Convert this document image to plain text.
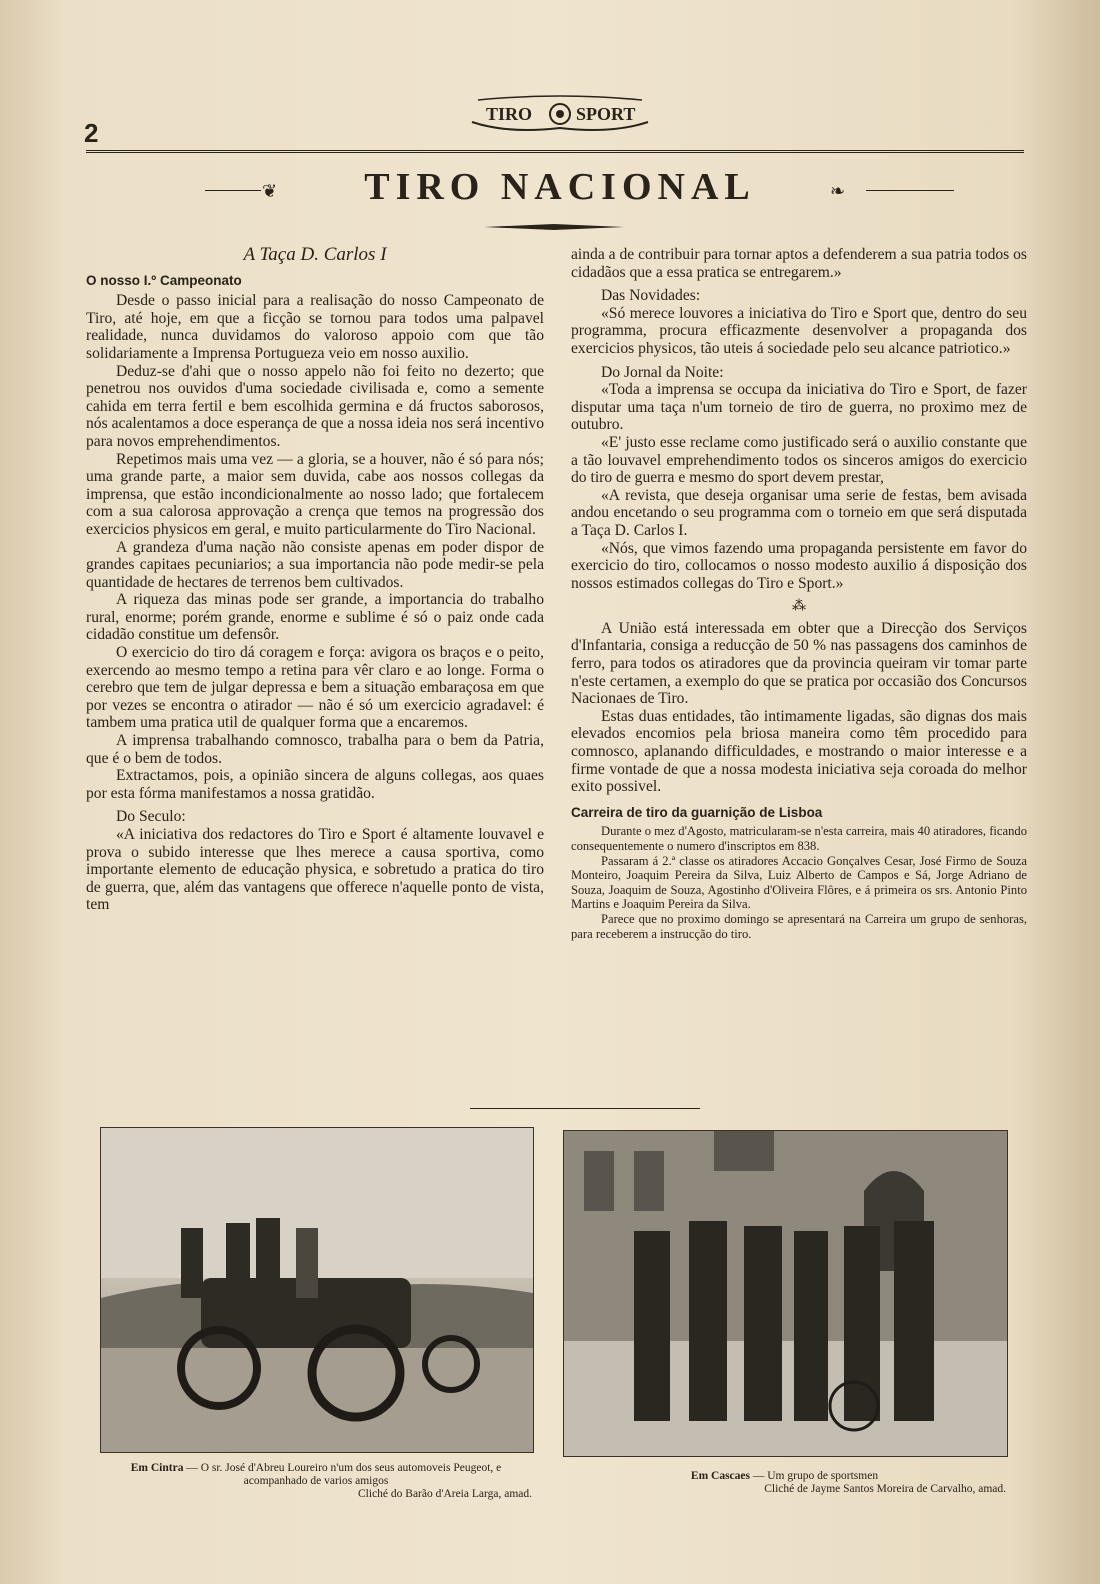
2
TIRO SPORT
❦	TIRO NACIONAL	❧

A Taça D. Carlos I

O nosso I.º Campeonato

Desde o passo inicial para a realisação do nosso Campeonato de Tiro, até hoje, em que a ficção se tornou para todos uma palpavel realidade, nunca duvidamos do valoroso appoio com que tão solidariamente a Imprensa Portugueza veio em nosso auxilio.

Deduz-se d'ahi que o nosso appelo não foi feito no dezerto; que penetrou nos ouvidos d'uma sociedade civilisada e, como a semente cahida em terra fertil e bem escolhida germina e dá fructos saborosos, nós acalentamos a doce esperança de que a nossa ideia nos será incentivo para novos emprehendimentos.

Repetimos mais uma vez — a gloria, se a houver, não é só para nós; uma grande parte, a maior sem duvida, cabe aos nossos collegas da imprensa, que estão incondicionalmente ao nosso lado; que fortalecem com a sua calorosa approvação a crença que temos na progressão dos exercicios physicos em geral, e muito particularmente do Tiro Nacional.

A grandeza d'uma nação não consiste apenas em poder dispor de grandes capitaes pecuniarios; a sua importancia não pode medir-se pela quantidade de hectares de terrenos bem cultivados.

A riqueza das minas pode ser grande, a importancia do trabalho rural, enorme; porém grande, enorme e sublime é só o paiz onde cada cidadão constitue um defensôr.

O exercicio do tiro dá coragem e força: avigora os braços e o peito, exercendo ao mesmo tempo a retina para vêr claro e ao longe. Forma o cerebro que tem de julgar depressa e bem a situação embaraçosa em que por vezes se encontra o atirador — não é só um exercicio agradavel: é tambem uma pratica util de qualquer forma que a encaremos.

A imprensa trabalhando comnosco, trabalha para o bem da Patria, que é o bem de todos.

Extractamos, pois, a opinião sincera de alguns collegas, aos quaes por esta fórma manifestamos a nossa gratidão.

Do Seculo:

«A iniciativa dos redactores do Tiro e Sport é altamente louvavel e prova o subido interesse que lhes merece a causa sportiva, como importante elemento de educação physica, e sobretudo a pratica do tiro de guerra, que, além das vantagens que offerece n'aquelle ponto de vista, tem

ainda a de contribuir para tornar aptos a defenderem a sua patria todos os cidadãos que a essa pratica se entregarem.»

Das Novidades:

«Só merece louvores a iniciativa do Tiro e Sport que, dentro do seu programma, procura efficazmente desenvolver a propaganda dos exercicios physicos, tão uteis á sociedade pelo seu alcance patriotico.»

Do Jornal da Noite:

«Toda a imprensa se occupa da iniciativa do Tiro e Sport, de fazer disputar uma taça n'um torneio de tiro de guerra, no proximo mez de outubro.

«E' justo esse reclame como justificado será o auxilio constante que a tão louvavel emprehendimento todos os sinceros amigos do exercicio do tiro de guerra e mesmo do sport devem prestar,

«A revista, que deseja organisar uma serie de festas, bem avisada andou encetando o seu programma com o torneio em que será disputada a Taça D. Carlos I.

«Nós, que vimos fazendo uma propaganda persistente em favor do exercicio do tiro, collocamos o nosso modesto auxilio á disposição dos nossos estimados collegas do Tiro e Sport.»

⁂

A União está interessada em obter que a Direcção dos Serviços d'Infantaria, consiga a reducção de 50 % nas passagens dos caminhos de ferro, para todos os atiradores que da provincia queiram vir tomar parte n'este certamen, a exemplo do que se pratica por occasião dos Concursos Nacionaes de Tiro.

Estas duas entidades, tão intimamente ligadas, são dignas dos mais elevados encomios pela briosa maneira como têm procedido para comnosco, aplanando difficuldades, e mostrando o maior interesse e a firme vontade de que a nossa modesta iniciativa seja coroada do melhor exito possivel.

Carreira de tiro da guarnição de Lisboa

Durante o mez d'Agosto, matricularam-se n'esta carreira, mais 40 atiradores, ficando consequentemente o numero d'inscriptos em 838.

Passaram á 2.ª classe os atiradores Accacio Gonçalves Cesar, José Firmo de Souza Monteiro, Joaquim Pereira da Silva, Luiz Alberto de Campos e Sá, Jorge Adriano de Souza, Joaquim de Souza, Agostinho d'Oliveira Flôres, e á primeira os srs. Antonio Pinto Martins e Joaquim Pereira da Silva.

Parece que no proximo domingo se apresentará na Carreira um grupo de senhoras, para receberem a instrucção do tiro.

Em Cintra — O sr. José d'Abreu Loureiro n'um dos seus automoveis Peugeot, e acompanhado de varios amigos
Cliché do Barão d'Areia Larga, amad.
Em Cascaes — Um grupo de sportsmen
Cliché de Jayme Santos Moreira de Carvalho, amad.
